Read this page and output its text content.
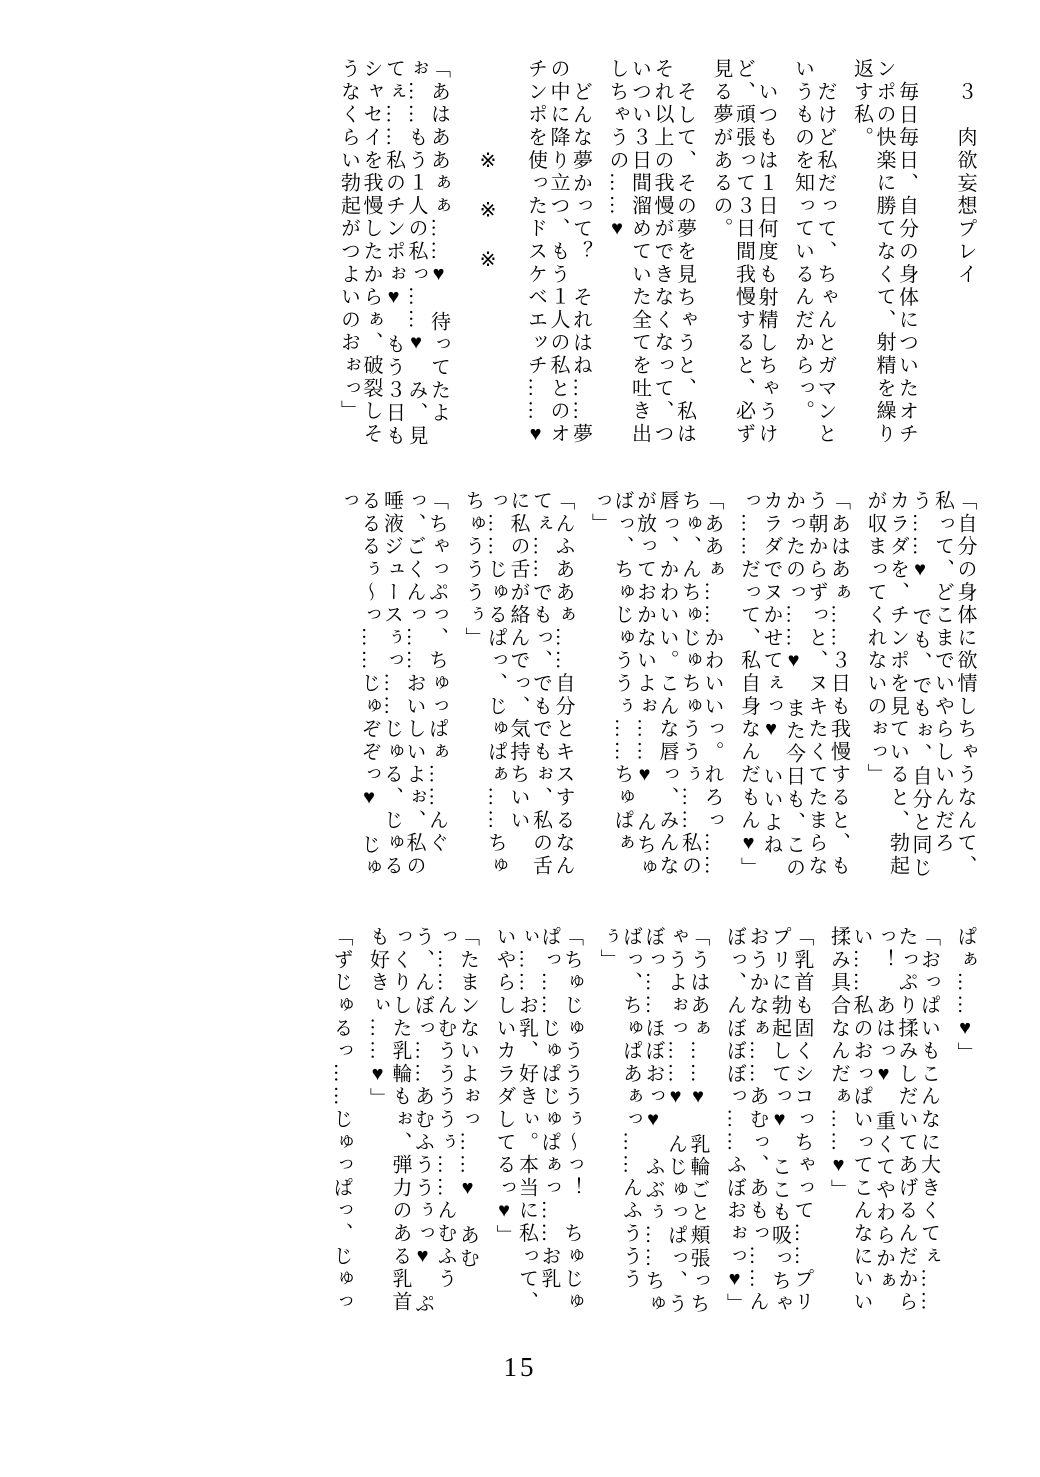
３　肉欲妄想プレイ

毎日毎日、自分の身体についたオチンポの快楽に勝てなくて、射精を繰り返す私。

だけど私だって、ちゃんとガマンというものを知っているんだからっ。

いつもは１日何度も射精しちゃうけど、頑張って３日間我慢すると、必ず見る夢があるの。

そして、その夢を見ちゃうと、私はそれ以上の我慢ができなくなって、ついつい３日間溜めていた全てを吐き出しちゃうの……♥

どんな夢かって？　それはね……夢の中に降り立つ、もう１人の私とのオチンポを使ったドスケベエッチ……♥

※　※　※

「あはああぁぁ……♥　待ってたよぉ……もう１人の私っ……♥　み、見てぇ……私のチンポぉ♥　もう３日もシャセイを我慢したからぁ、破裂しそうなくらい勃起がつよいのおぉっ」

「自分の身体に欲情しちゃうなんて、私って、どこまでいやらしいんだろう……♥　でも、でもぉ、自分と同じカラダを、チンポを見ていると、勃起が収まってくれないのぉっ」

「あはあぁ……３日も我慢すると、もう朝からずっと、ヌキたくてたまらなかったのっ……♥　また今日も、このカラダでヌかせてぇっ♥　いいよねっ……だって、私自身なんだもん♥」

「ああぁ……かわいいっ。れろっ……ちゅ、んちゅじゅちゅううぅ……私の唇っ、かわいい。こんな唇っ、みんなが放っておかないよぉ……♥　んちゅばっ、ちゅじゅううぅ……ちゅぱぁっ」

「んふああぁ……自分とキスするなんてぇ……でもっ、でもでもぉ、私の舌に私の舌が絡んでっ、気持ちいいっ……じゅるぱっ、じゅぱぁ……ちゅちゅうううぅ」

「ちゃっぷっ、ちゅっぱぁ……んぐっ、ごくんっ……おいしいよぉ、私の唾液ジュースぅっ……じゅる、じゅるるるるぅ～っ……じゅぞぞっ♥　じゅっ

ぱぁ……♥」

「おっぱいもこんなに大きくてぇ……たっぷり揉みしだいてあげるんだからっ！　あはっ♥　重くてやわらかぁい……私のおっぱいってこんなにいい揉み具合なんだぁ……♥」

「乳首も固くシコっちゃって……プリプリに勃起してっ♥　ここも吸っちゃおうかなぁ……あむっ、あもっ……んぼっ、んぼぼぼっ……ふぼおぉっ♥」

「うはあぁ……♥　乳輪ごと頬張っちゃうよぉっ……♥　んじゅっぱっ、うぼっ……ほぼおっ♥　ふぶぅ……ちゅばっ、ちゅぱあぁっ……んふうううぅ」

「ちゅじゅうううぅ～っ！　ちゅじゅぱっ……じゅぱじゅぱぁっ……お乳ぃ……お乳、好きぃ。本当に私って、いやらしいカラダしてるっ♥」

「たまンないよぉっ……♥　あむっ……んむううううぅ……んむふうう、んぼっ……あむふううぅっ♥　ぷっくりした乳輪もぉ、弾力のある乳首も好きぃ……♥」

「ずじゅるっ……じゅっぱっ、じゅっ

15
